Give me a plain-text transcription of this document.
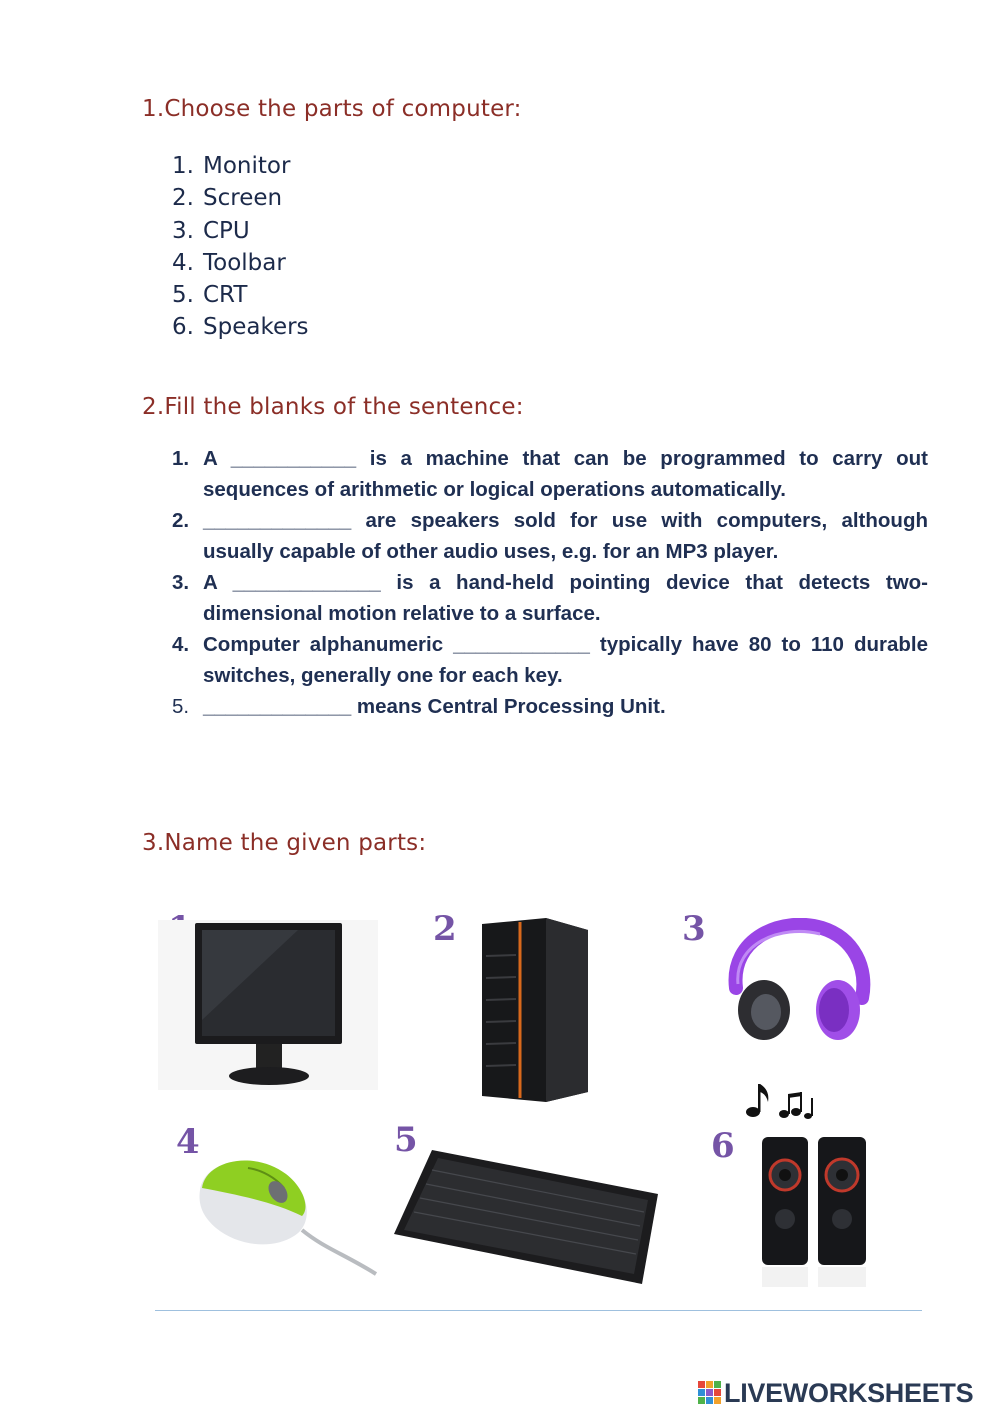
1.Choose the parts of computer:
1. Monitor
2. Screen
3. CPU
4. Toolbar
5. CRT
6. Speakers
2.Fill the blanks of the sentence:
1. A ___________ is a machine that can be programmed to carry out sequences of arithmetic or logical operations automatically.
2. _____________ are speakers sold for use with computers, although usually capable of other audio uses, e.g. for an MP3 player.
3. A _____________ is a hand-held pointing device that detects two-dimensional motion relative to a surface.
4. Computer alphanumeric ____________ typically have 80 to 110 durable switches, generally one for each key.
5. _____________ means Central Processing Unit.
3.Name the given parts:
2	3
4	5	6
LIVEWORKSHEETS
